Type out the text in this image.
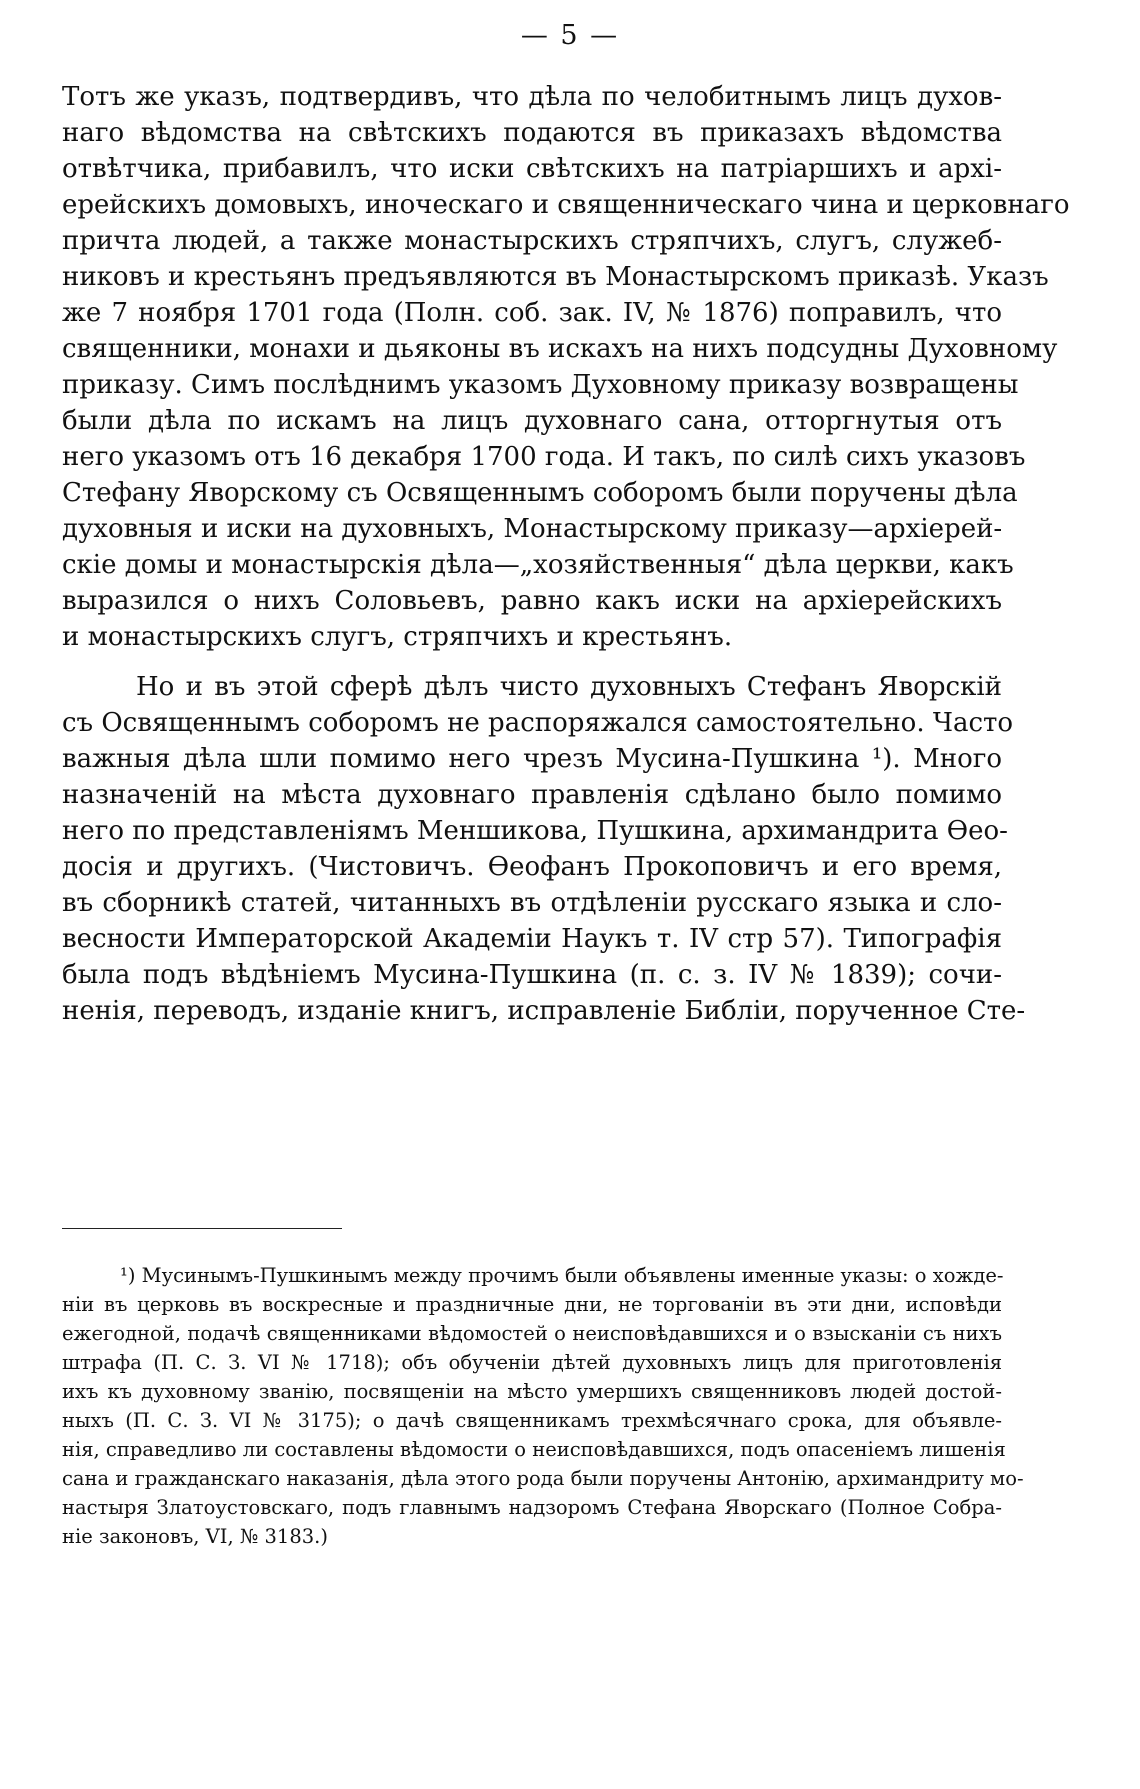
— 5 —
Тотъ же указъ, подтвердивъ, что дѣла по челобитнымъ лицъ духов-
наго вѣдомства на свѣтскихъ подаются въ приказахъ вѣдомства
отвѣтчика, прибавилъ, что иски свѣтскихъ на патріаршихъ и архі-
ерейскихъ домовыхъ, иноческаго и священническаго чина и церковнаго
причта людей, а также монастырскихъ стряпчихъ, слугъ, служеб-
никовъ и крестьянъ предъявляются въ Монастырскомъ приказѣ. Указъ
же 7 ноября 1701 года (Полн. соб. зак. IV, № 1876) поправилъ, что
священники, монахи и дьяконы въ искахъ на нихъ подсудны Духовному
приказу. Симъ послѣднимъ указомъ Духовному приказу возвращены
были дѣла по искамъ на лицъ духовнаго сана, отторгнутыя отъ
него указомъ отъ 16 декабря 1700 года. И такъ, по силѣ сихъ указовъ
Стефану Яворскому съ Освященнымъ соборомъ были поручены дѣла
духовныя и иски на духовныхъ, Монастырскому приказу—архіерей-
скіе домы и монастырскія дѣла—„хозяйственныя“ дѣла церкви, какъ
выразился о нихъ Соловьевъ, равно какъ иски на архіерейскихъ
и монастырскихъ слугъ, стряпчихъ и крестьянъ.
Но и въ этой сферѣ дѣлъ чисто духовныхъ Стефанъ Яворскій
съ Освященнымъ соборомъ не распоряжался самостоятельно. Часто
важныя дѣла шли помимо него чрезъ Мусина-Пушкина ¹). Много
назначеній на мѣста духовнаго правленія сдѣлано было помимо
него по представленіямъ Меншикова, Пушкина, архимандрита Ѳео-
досія и другихъ. (Чистовичъ. Ѳеофанъ Прокоповичъ и его время,
въ сборникѣ статей, читанныхъ въ отдѣленіи русскаго языка и сло-
весности Императорской Академіи Наукъ т. IV стр 57). Типографія
была подъ вѣдѣніемъ Мусина-Пушкина (п. с. з. IV № 1839); сочи-
ненія, переводъ, изданіе книгъ, исправленіе Библіи, порученное Сте-
¹) Мусинымъ-Пушкинымъ между прочимъ были объявлены именные указы: о хожде-
ніи въ церковь въ воскресные и праздничные дни, не торгованіи въ эти дни, исповѣди
ежегодной, подачѣ священниками вѣдомостей о неисповѣдавшихся и о взысканіи съ нихъ
штрафа (П. С. З. VI № 1718); объ обученіи дѣтей духовныхъ лицъ для приготовленія
ихъ къ духовному званію, посвященіи на мѣсто умершихъ священниковъ людей достой-
ныхъ (П. С. З. VI № 3175); о дачѣ священникамъ трехмѣсячнаго срока, для объявле-
нія, справедливо ли составлены вѣдомости о неисповѣдавшихся, подъ опасеніемъ лишенія
сана и гражданскаго наказанія, дѣла этого рода были поручены Антонію, архимандриту мо-
настыря Златоустовскаго, подъ главнымъ надзоромъ Стефана Яворскаго (Полное Собра-
ніе законовъ, VI, № 3183.)
